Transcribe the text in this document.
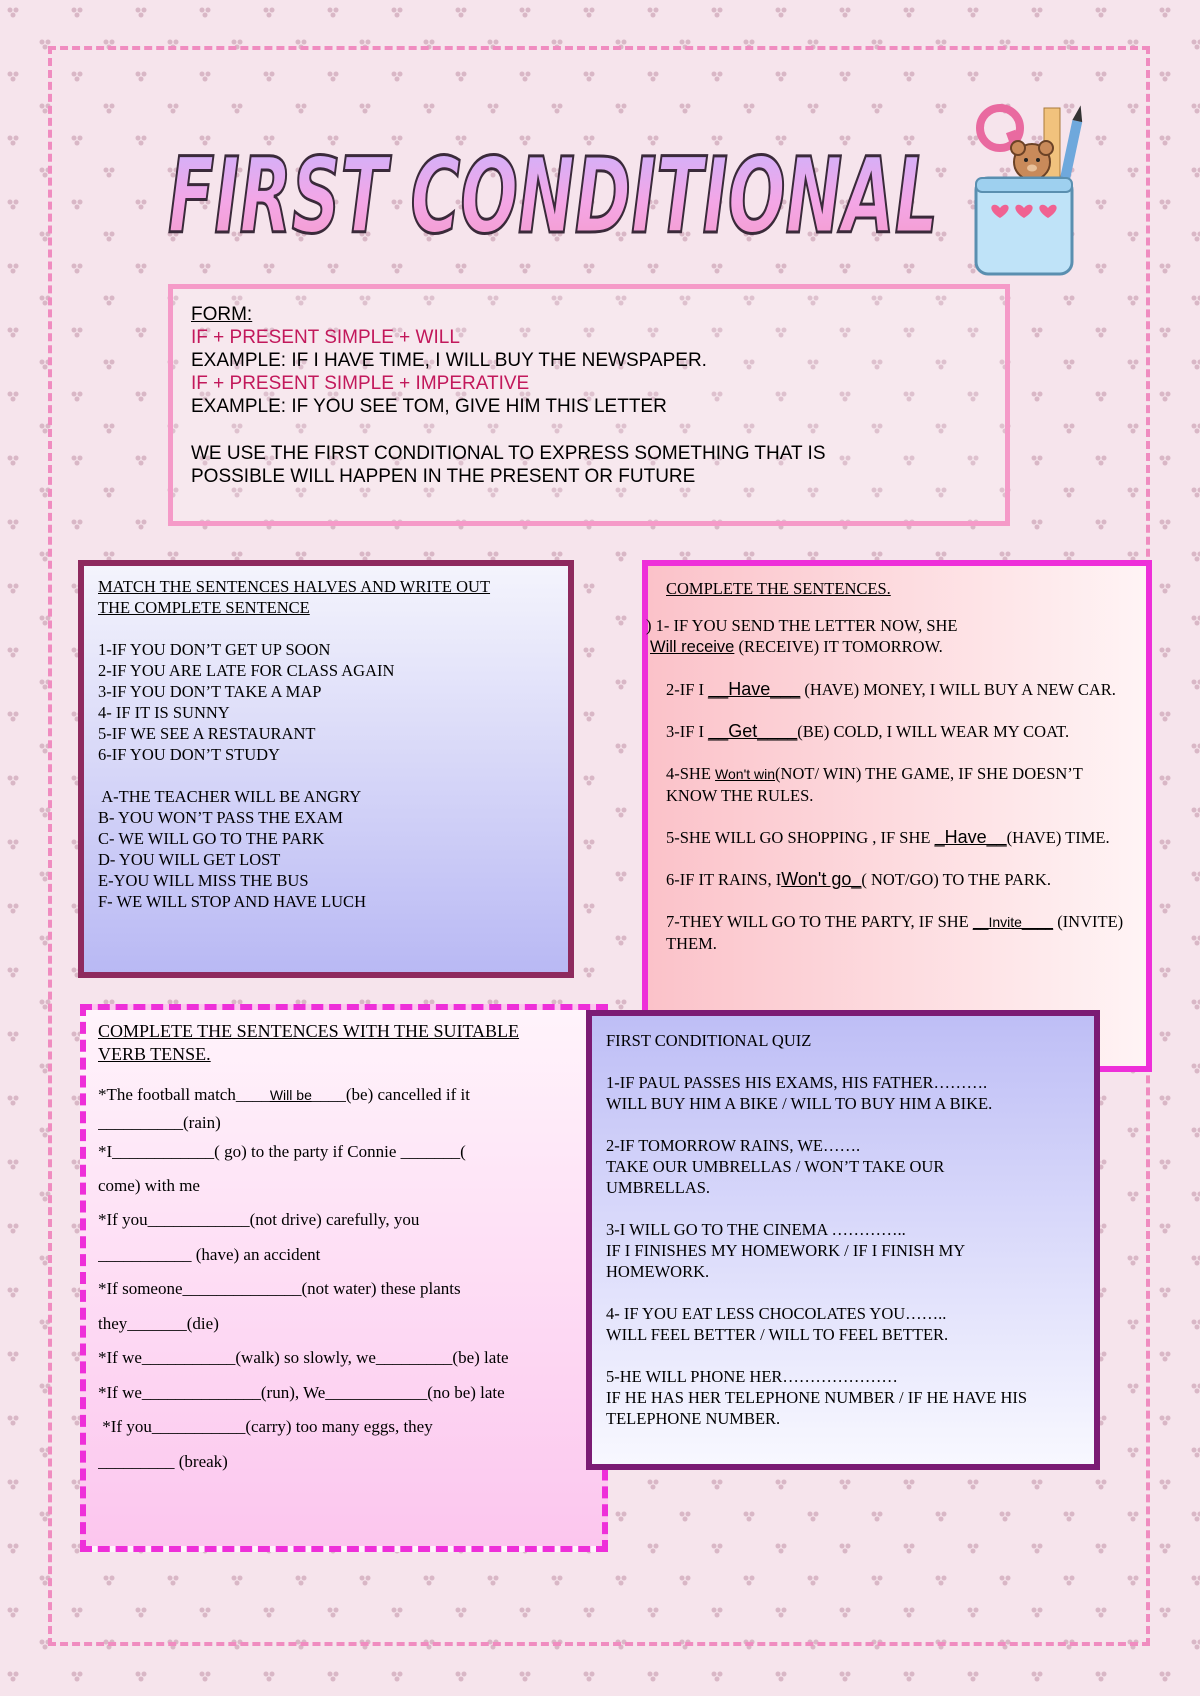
FIRST CONDITIONAL
FORM:
IF + PRESENT SIMPLE + WILL
EXAMPLE: IF I HAVE TIME, I WILL BUY THE NEWSPAPER.
IF + PRESENT SIMPLE + IMPERATIVE
EXAMPLE: IF YOU SEE TOM, GIVE HIM THIS LETTER
WE USE THE FIRST CONDITIONAL TO EXPRESS SOMETHING THAT IS
POSSIBLE WILL HAPPEN IN THE PRESENT OR FUTURE
MATCH THE SENTENCES HALVES AND WRITE OUT
THE COMPLETE SENTENCE
1-IF YOU DON’T GET UP SOON
2-IF YOU ARE LATE FOR CLASS AGAIN
3-IF YOU DON’T TAKE A MAP
4- IF IT IS SUNNY
5-IF WE SEE A RESTAURANT
6-IF YOU DON’T STUDY
A-THE TEACHER WILL BE ANGRY
B- YOU WON’T PASS THE EXAM
C- WE WILL GO TO THE PARK
D- YOU WILL GET LOST
E-YOU WILL MISS THE BUS
F- WE WILL STOP AND HAVE LUCH

COMPLETE THE SENTENCES.

) 1- IF YOU SEND THE LETTER NOW, SHE
Will receive (RECEIVE) IT TOMORROW.

2-IF I __Have___ (HAVE) MONEY, I WILL BUY A NEW CAR.

3-IF I __Get____(BE) COLD, I WILL WEAR MY COAT.

4-SHE Won't win(NOT/ WIN) THE GAME, IF SHE DOESN’T KNOW THE RULES.

5-SHE WILL GO SHOPPING , IF SHE _Have__(HAVE) TIME.

6-IF IT RAINS, IWon't go_( NOT/GO) TO THE PARK.

7-THEY WILL GO TO THE PARTY, IF SHE __Invite____ (INVITE) THEM.

COMPLETE THE SENTENCES WITH THE SUITABLE
VERB TENSE.
*The football match____Will be____(be) cancelled if it
__________(rain)
*I____________( go) to the party if Connie _______(
come) with me
*If you____________(not drive) carefully, you
___________ (have) an accident
*If someone______________(not water) these plants
they_______(die)
*If we___________(walk) so slowly, we_________(be) late
*If we______________(run), We____________(no be) late
*If you___________(carry) too many eggs, they
_________ (break)
FIRST CONDITIONAL QUIZ
1-IF PAUL PASSES HIS EXAMS, HIS FATHER……….
WILL BUY HIM A BIKE / WILL TO BUY HIM A BIKE.
2-IF TOMORROW RAINS, WE…….
TAKE OUR UMBRELLAS / WON’T TAKE OUR
UMBRELLAS.
3-I WILL GO TO THE CINEMA …………..
IF I FINISHES MY HOMEWORK / IF I FINISH MY
HOMEWORK.
4- IF YOU EAT LESS CHOCOLATES YOU……..
WILL FEEL BETTER / WILL TO FEEL BETTER.
5-HE WILL PHONE HER…………………
IF HE HAS HER TELEPHONE NUMBER / IF HE HAVE HIS
TELEPHONE NUMBER.
